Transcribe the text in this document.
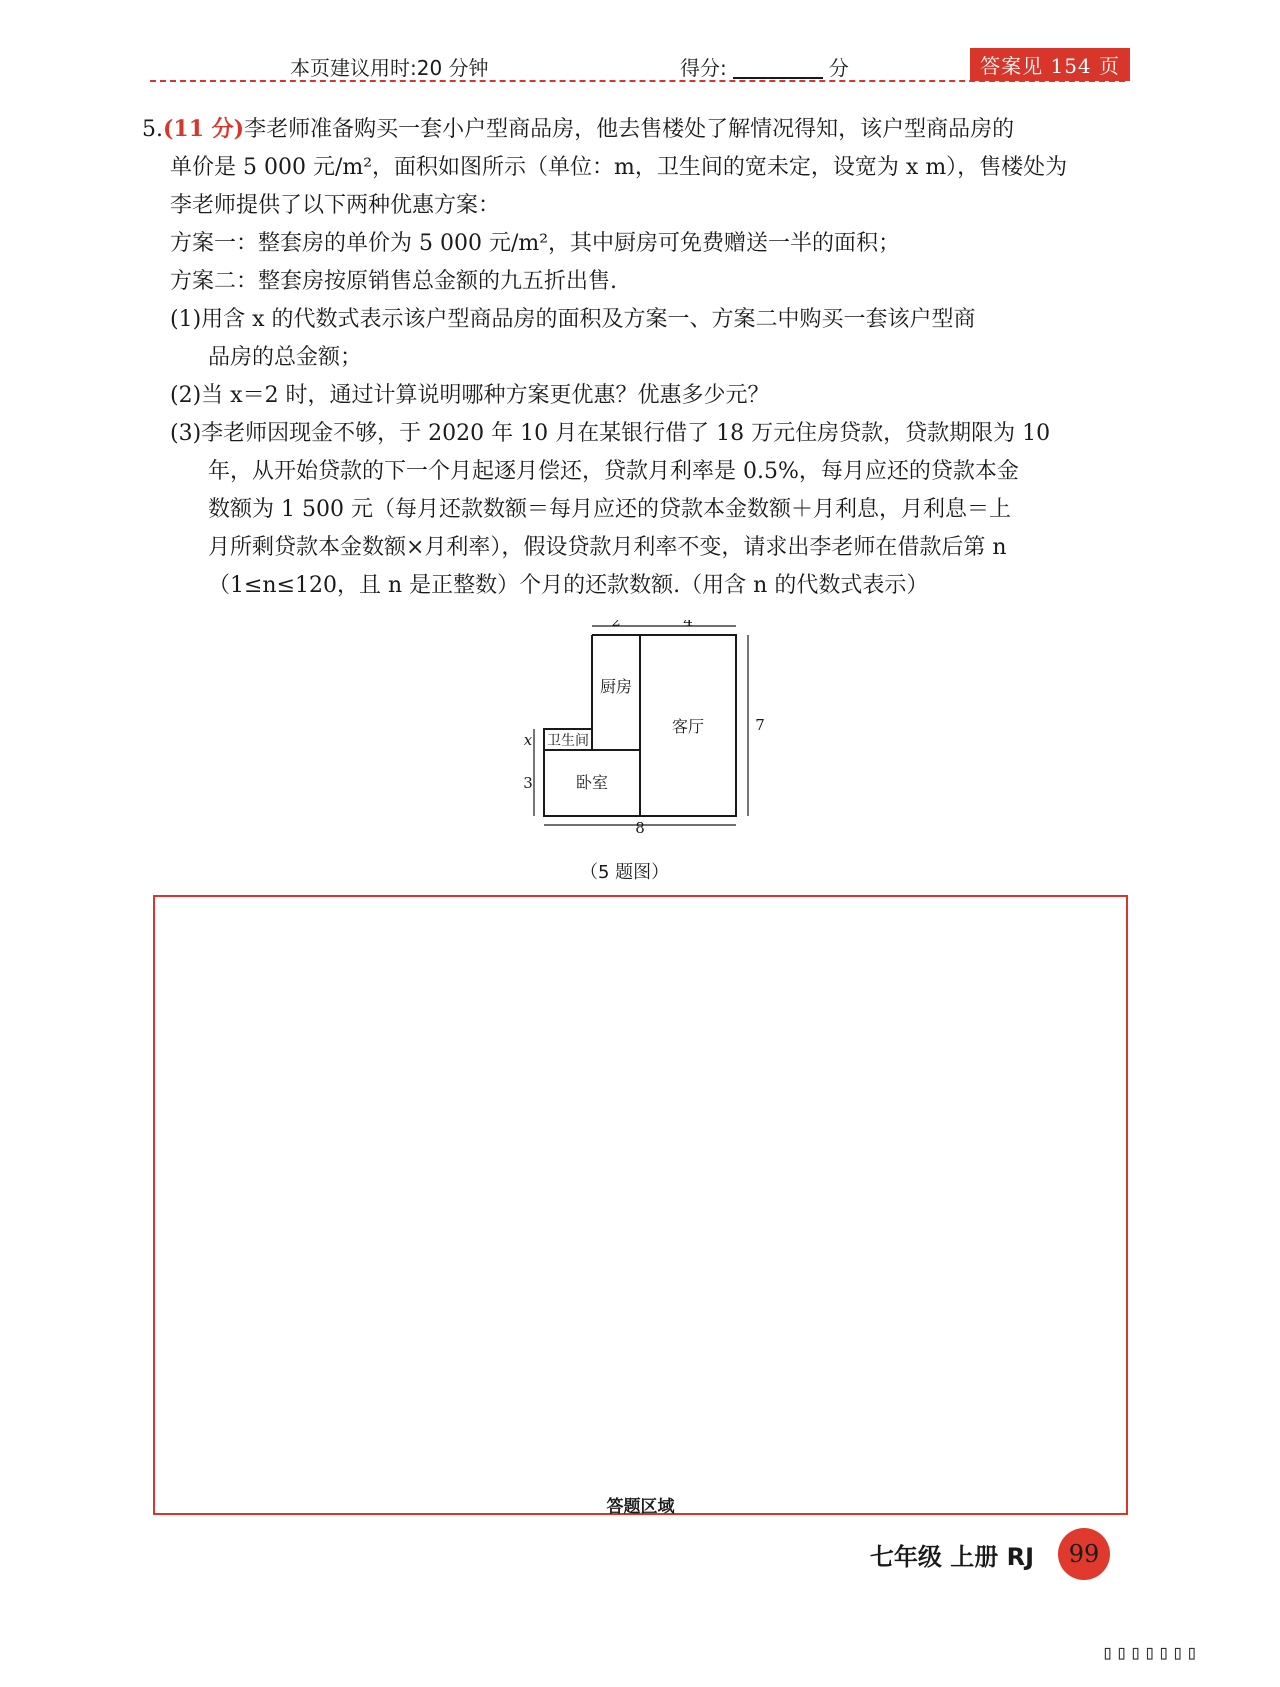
本页建议用时:20 分钟	得分:	分	答案见 154 页

5.(11 分)李老师准备购买一套小户型商品房，他去售楼处了解情况得知，该户型商品房的

单价是 5 000 元/m²，面积如图所示（单位：m，卫生间的宽未定，设宽为 x m），售楼处为

李老师提供了以下两种优惠方案：

方案一：整套房的单价为 5 000 元/m²，其中厨房可免费赠送一半的面积；

方案二：整套房按原销售总金额的九五折出售.

(1)用含 x 的代数式表示该户型商品房的面积及方案一、方案二中购买一套该户型商

品房的总金额；

(2)当 x＝2 时，通过计算说明哪种方案更优惠？优惠多少元？

(3)李老师因现金不够，于 2020 年 10 月在某银行借了 18 万元住房贷款，贷款期限为 10

年，从开始贷款的下一个月起逐月偿还，贷款月利率是 0.5%，每月应还的贷款本金

数额为 1 500 元（每月还款数额＝每月应还的贷款本金数额＋月利息，月利息＝上

月所剩贷款本金数额×月利率），假设贷款月利率不变，请求出李老师在借款后第 n

（1≤n≤120，且 n 是正整数）个月的还款数额.（用含 n 的代数式表示）

2	4
7
8
x
3
厨房
卫生间
客厅
卧室
（5 题图）
答题区域
七年级 上册 RJ	99
▯▯▯▯▯▯▯
